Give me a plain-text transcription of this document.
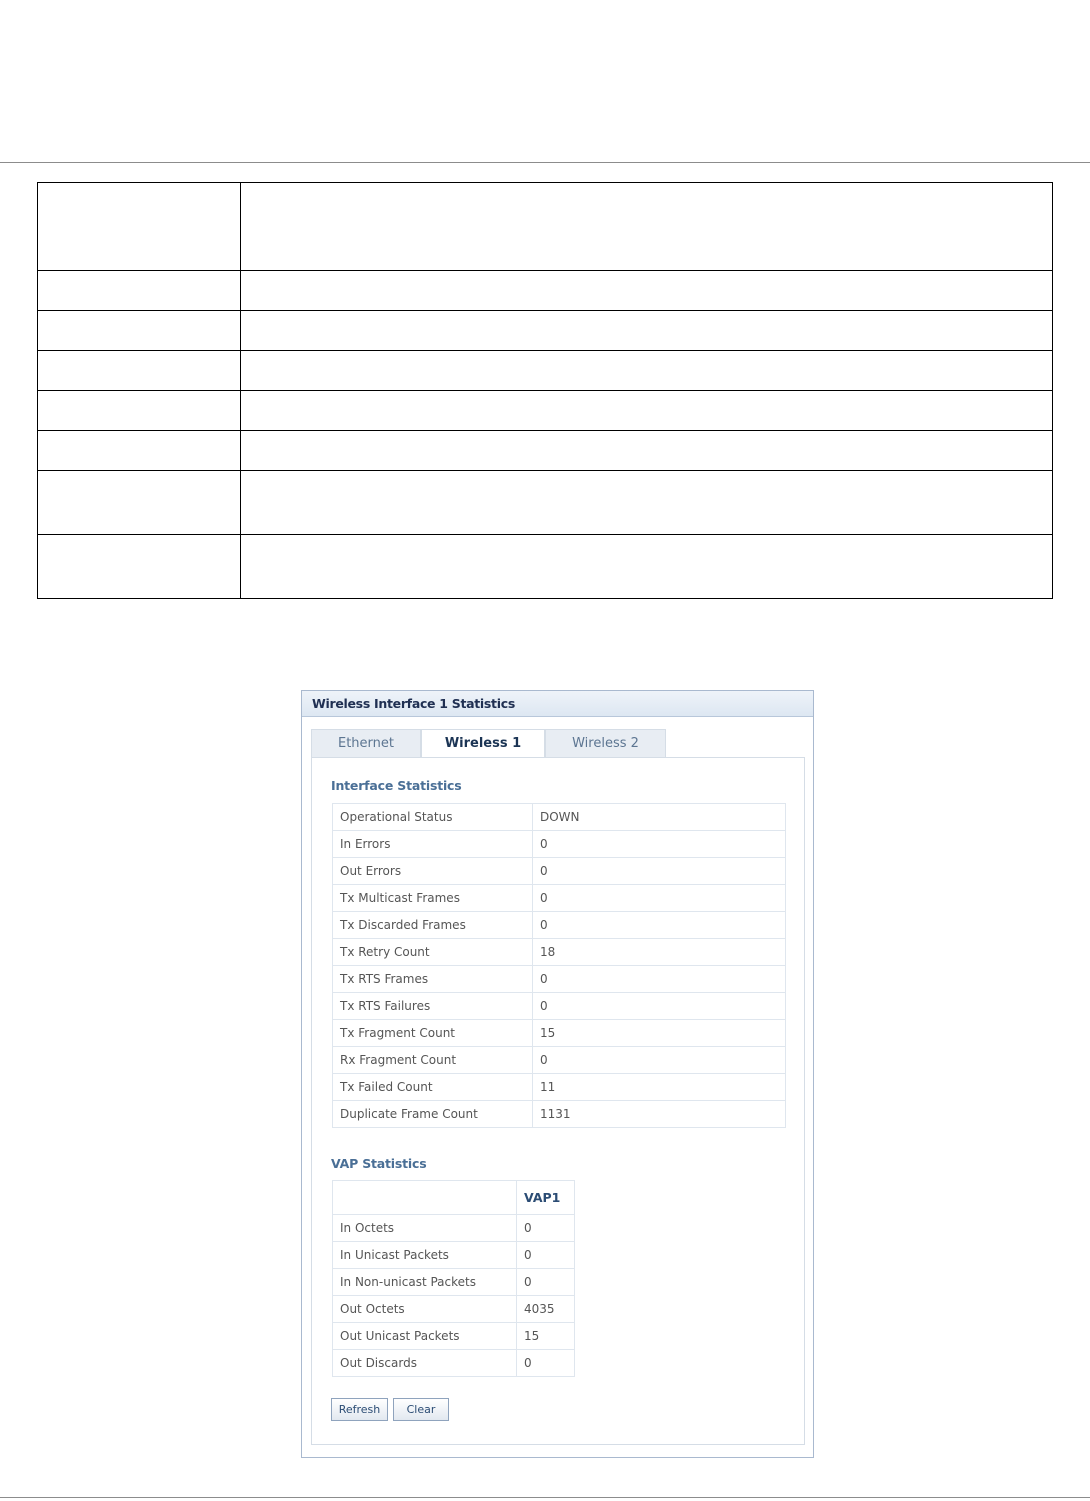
Wireless Interface 1 Statistics
Ethernet	Wireless 1	Wireless 2
Interface Statistics
Operational Status	DOWN
In Errors	0
Out Errors	0
Tx Multicast Frames	0
Tx Discarded Frames	0
Tx Retry Count	18
Tx RTS Frames	0
Tx RTS Failures	0
Tx Fragment Count	15
Rx Fragment Count	0
Tx Failed Count	11
Duplicate Frame Count	1131
VAP Statistics
	VAP1
In Octets	0
In Unicast Packets	0
In Non-unicast Packets	0
Out Octets	4035
Out Unicast Packets	15
Out Discards	0
Refresh	Clear
